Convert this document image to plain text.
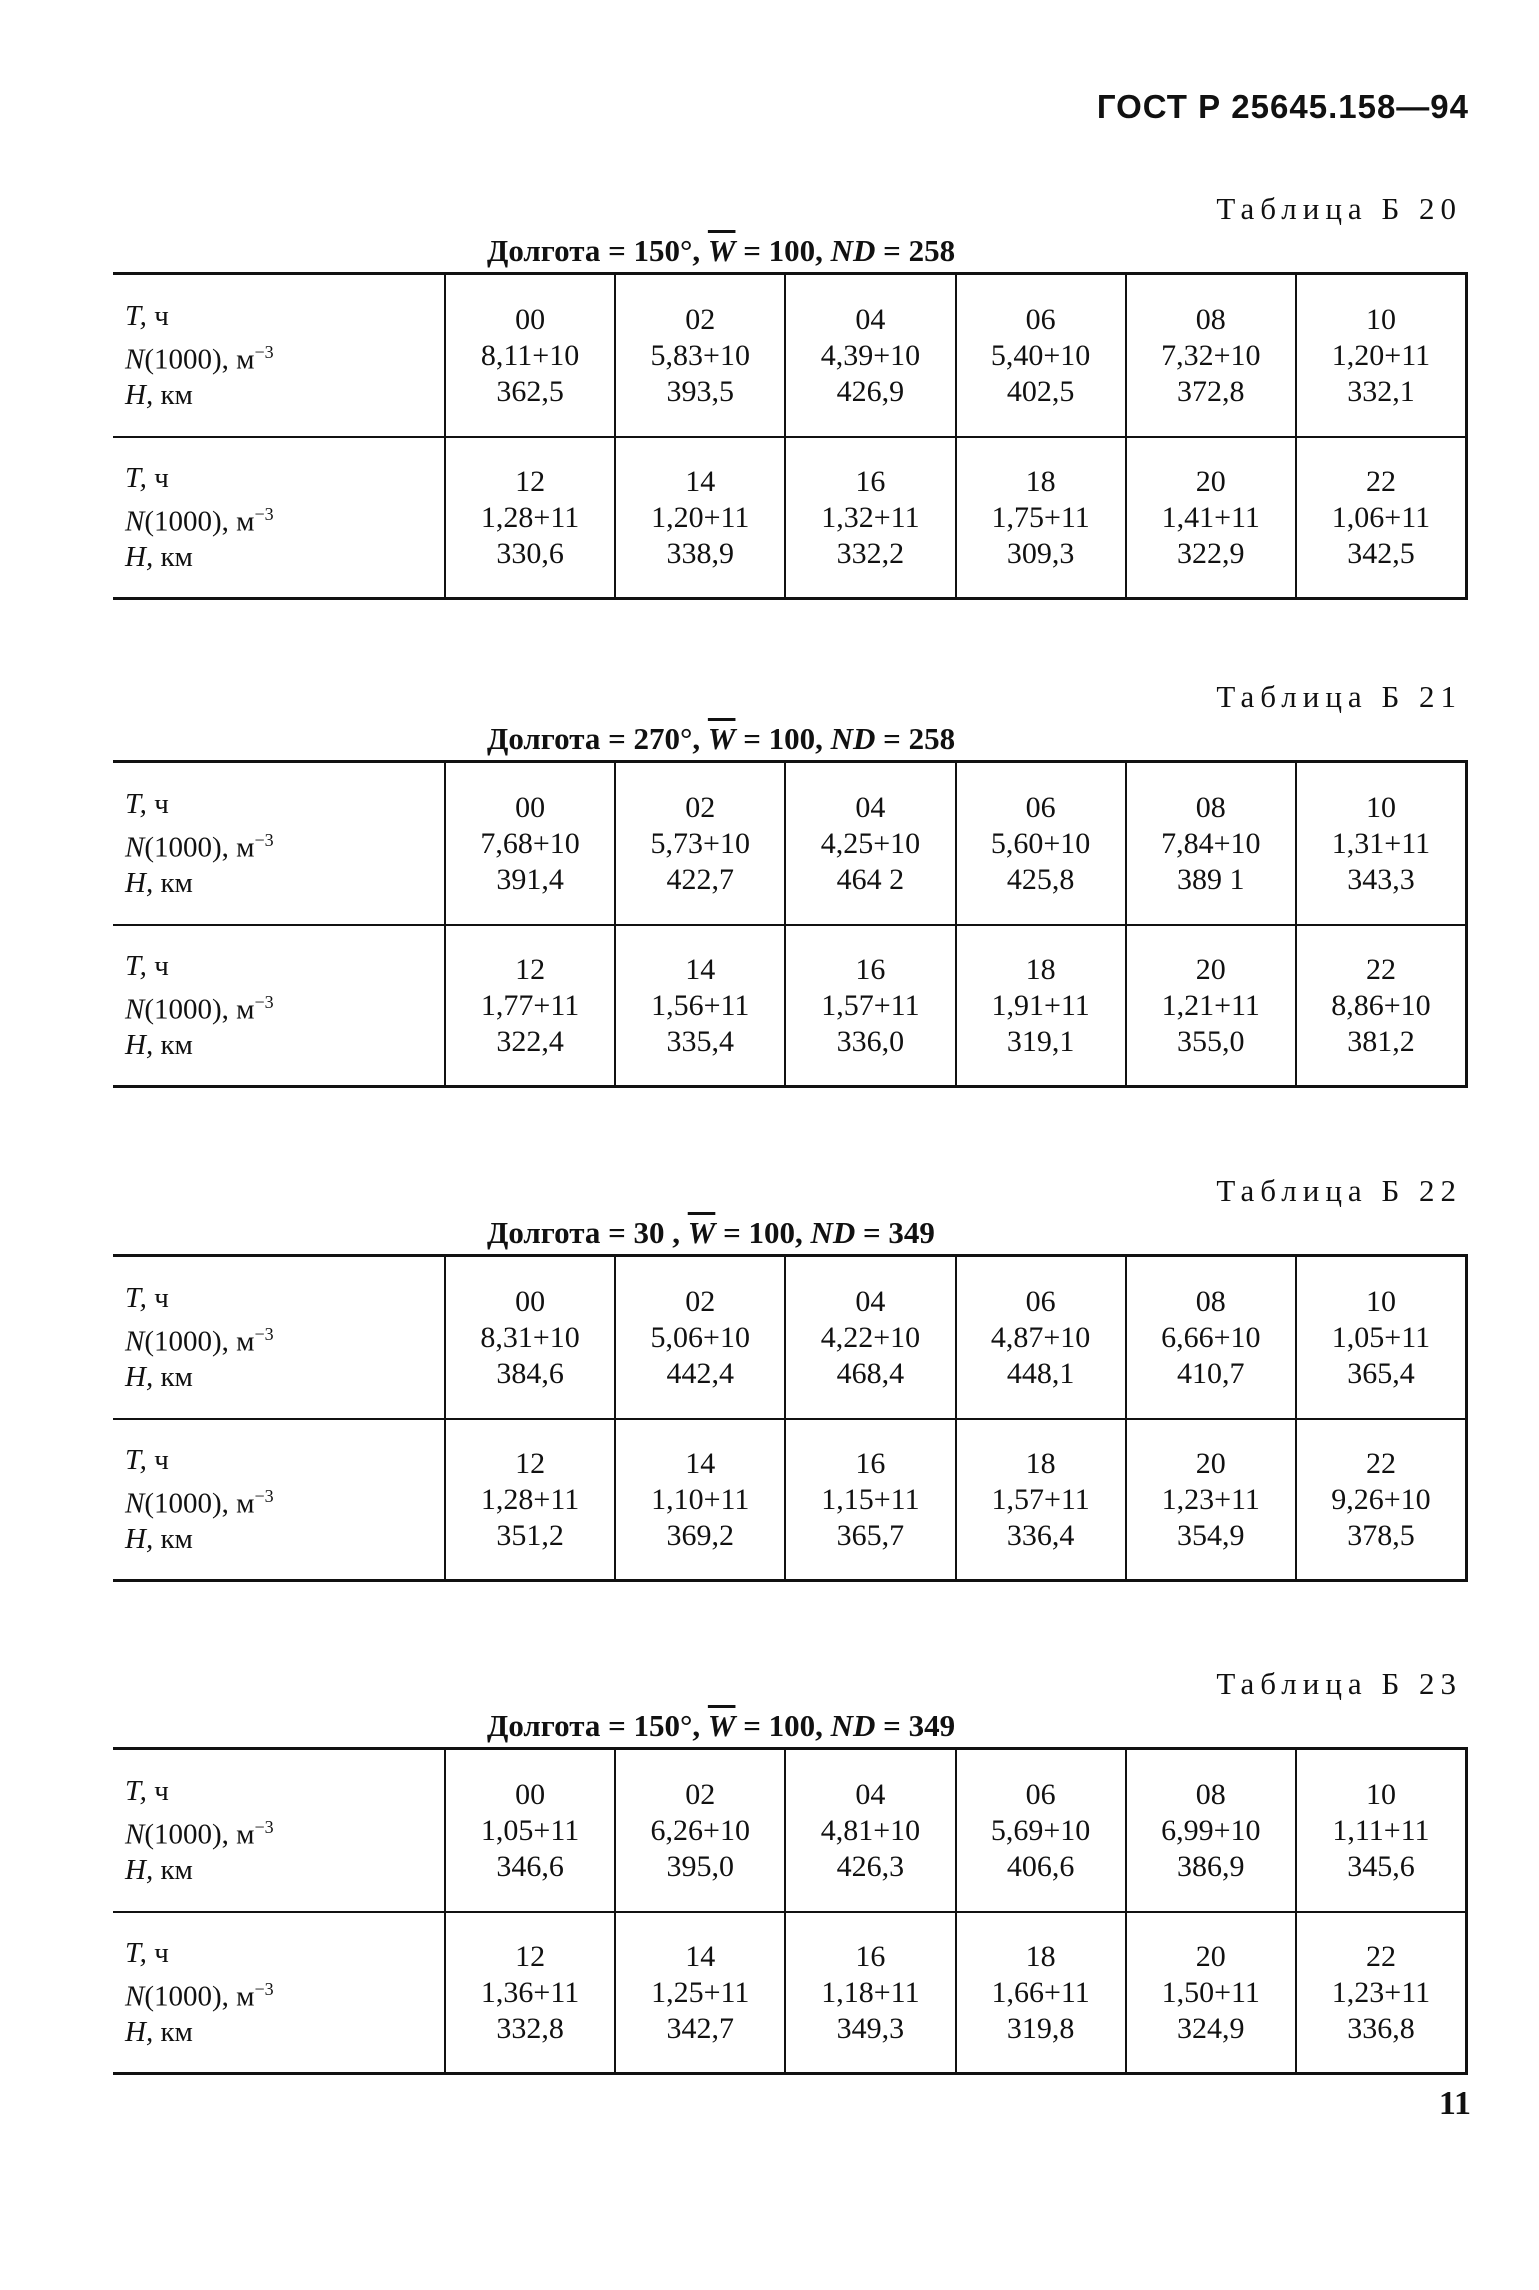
ГОСТ Р 25645.158—94
Таблица Б 20
Долгота = 150°, $\overline{W} = 100$, ND = 258
Т, ч
N(1000), $м^{-3}$
Н, км
00
8,11+10
362,5
02
5,83+10
393,5
04
4,39+10
426,9
06
5,40+10
402,5
08
7,32+10
372,8
10
1,20+11
332,1
Т, ч
N(1000), $м^{-3}$
Н, км
12
1,28+11
330,6
14
1,20+11
338,9
16
1,32+11
332,2
18
1,75+11
309,3
20
1,41+11
322,9
22
1,06+11
342,5
Таблица Б 21
Долгота = 270°, $\overline{W} = 100$, ND = 258
Т, ч
N(1000), $м^{-3}$
Н, км
00
7,68+10
391,4
02
5,73+10
422,7
04
4,25+10
464 2
06
5,60+10
425,8
08
7,84+10
389 1
10
1,31+11
343,3
Т, ч
N(1000), $м^{-3}$
Н, км
12
1,77+11
322,4
14
1,56+11
335,4
16
1,57+11
336,0
18
1,91+11
319,1
20
1,21+11
355,0
22
8,86+10
381,2
Таблица Б 22
Долгота = 30 , $\overline{W} = 100$, ND = 349
Т, ч
N(1000), $м^{-3}$
Н, км
00
8,31+10
384,6
02
5,06+10
442,4
04
4,22+10
468,4
06
4,87+10
448,1
08
6,66+10
410,7
10
1,05+11
365,4
Т, ч
N(1000), $м^{-3}$
Н, км
12
1,28+11
351,2
14
1,10+11
369,2
16
1,15+11
365,7
18
1,57+11
336,4
20
1,23+11
354,9
22
9,26+10
378,5
Таблица Б 23
Долгота = 150°, $\overline{W} = 100$, ND = 349
Т, ч
N(1000), $м^{-3}$
Н, км
00
1,05+11
346,6
02
6,26+10
395,0
04
4,81+10
426,3
06
5,69+10
406,6
08
6,99+10
386,9
10
1,11+11
345,6
Т, ч
N(1000), $м^{-3}$
Н, км
12
1,36+11
332,8
14
1,25+11
342,7
16
1,18+11
349,3
18
1,66+11
319,8
20
1,50+11
324,9
22
1,23+11
336,8
11
